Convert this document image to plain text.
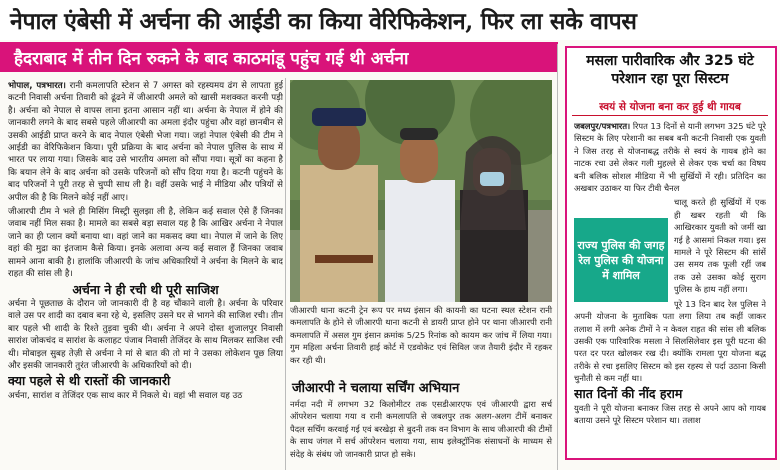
नेपाल एंबेसी में अर्चना की आईडी का किया वेरिफिकेशन, फिर ला सके वापस
हैदराबाद में तीन दिन रुकने के बाद काठमांडू पहुंच गई थी अर्चना

भोपाल, पत्रभारत। रानी कमलापति स्टेशन से 7 अगस्त को रहस्यमय ढंग से लापता हुई कटनी निवासी अर्चना तिवारी को ढूंढने में जीआरपी अमले को खासी मशक्कत करनी पड़ी है। अर्चना को नेपाल से वापस लाना इतना आसान नहीं था। अर्चना के नेपाल में होने की जानकारी लगने के बाद सबसे पहले जीआरपी का अमला इंदौर पहुंचा और वहां छानबीन से उसकी आईडी प्राप्त करने के बाद नेपाल एंबेसी भेजा गया। जहां नेपाल एंबेसी की टीम ने आईडी का वेरिफिकेशन किया। पूरी प्रक्रिया के बाद अर्चना को नेपाल पुलिस के साथ में भारत पर लाया गया। जिसके बाद उसे भारतीय अमला को सौंपा गया। सूत्रों का कहना है कि बयान लेने के बाद अर्चना को उसके परिजनों को सौंप दिया गया है। कटनी पहुंचने के बाद परिजनों ने पूरी तरह से चुप्पी साध ली है। वहीं उसके भाई ने मीडिया और पत्रियों से अपील की है कि मिलने कोई नहीं आए।

जीआरपी टीम ने भले ही मिसिंग मिस्ट्री सुलझा ली है, लेकिन कई सवाल ऐसे हैं जिनका जवाब नहीं मिल सका है। मामले का सबसे बड़ा सवाल यह है कि आखिर अर्चना ने नेपाल जाने का ही प्लान क्यों बनाया था। वहां जाने का मकसद क्या था। नेपाल में जाने के लिए वहां की मुद्रा का इंतजाम कैसे किया। इनके अलावा अन्य कई सवाल हैं जिनका जवाब सामने आना बाकी है। हालांकि जीआरपी के जांच अधिकारियों ने अर्चना के मिलने के बाद राहत की सांस ली है।

अर्चना ने ही रची थी पूरी साजिश

अर्चना ने पूछताछ के दौरान जो जानकारी दी है वह चौंकाने वाली है। अर्चना के परिवार वाले उस पर शादी का दबाव बना रहे थे, इसलिए उसने घर से भागने की साजिश रची। तीन बार पहले भी शादी के रिश्ते तुड़वा चुकी थी। अर्चना ने अपने दोस्त शुजालपुर निवासी सारांश जोकचंद व सारांश के कलाहट पंजाब निवासी तेजिंदर के साथ मिलकर साजिश रची थी। मोबाइल सुबह तेज़ी से अर्चना ने मां से बात की तो मां ने उसका लोकेशन पूछ लिया और इसकी जानकारी तुरंत जीआरपी के अधिकारियों को दी।

क्या पहले से थी रास्तों की जानकारी

अर्चना, सारांश व तेजिंदर एक साथ कार में निकले थे। वहां भी सवाल यह उठ

जीआरपी थाना कटनी ट्रेन रूप पर मध्य इंसान की कायनी का घटना स्थल स्टेशन रानी कमलापति के होने से जीआरपी थाना कटनी से डायरी प्राप्त होने पर थाना जीआरपी रानी कमलापति में असल गुम इंसान क्रमांक 5/25 रिनांक को कायम कर जांच में लिया गया। गुम महिला अर्चना तिवारी हाई कोर्ट में एडवोकेट एवं सिविल जज तैयारी इंदौर में रहकर कर रही थी।
जीआरपी ने चलाया सर्चिंग अभियान
नर्मदा नदी में लगभग 32 किलोमीटर तक एसडीआरएफ एवं जीआरपी द्वारा सर्च ऑपरेशन चलाया गया व रानी कमलापति से जबलपुर तक अलग-अलग टीमें बनाकर पैदल सर्चिंग करवाई गई एवं बरखेड़ा से बुदनी तक वन विभाग के साथ जीआरपी की टीमों के साथ जंगल में सर्च ऑपरेशन चलाया गया, साथ इलेक्ट्रॉनिक संसाधनों के माध्यम से संदेह के संबंध जो जानकारी प्राप्त हो सके।
मसला पारीवारिक और 325 घंटे परेशान रहा पूरा सिस्टम
स्वयं से योजना बना कर हुई थी गायब

जबलपुर/पत्रभारत। रिपत 13 दिनों से यानी लगभग 325 घंटे पूरे सिस्टम के लिए परेशानी का सबब बनी कटनी निवासी एक युवती ने जिस तरह से योजनाबद्ध तरीके से स्वयं के गायब होने का नाटक रचा उसे लेकर गली मुहल्ले से लेकर एक चर्चा का विषय बनी बलिक सोशल मीडिया में भी सुर्खियों में रही। प्रतिदिन का अखबार उठाकर या फिर टीवी चैनल

चालू करते ही सुर्खियों में एक ही खबर रहती थी कि आखिरकार युवती को जमीं खा गई है आसमां निकल गया। इस मामले ने पूरे सिस्टम की सांसें उस समय तक फूली रहीं जब तक उसे उसका कोई सुराग पुलिस के हाथ नहीं लगा।

पूरे 13 दिन बाद रेल पुलिस ने अपनी योजना के मुताबिक पता लगा लिया तब कहीं जाकर तलाश में लगी अनेक टीमों ने न केवल राहत की सांस ली बलिक उसकी एक पारिवारिक मसला ने सिलसिलेवार इस पूरी घटना की परत दर परत खोलकर रख दी। क्योंकि रामला पूरा योजना बद्ध तरीके से रचा इसलिए सिस्टम को इस रहस्य से पर्दा उठाना किसी चुनौती से कम नहीं था।

सात दिनों की नींद हराम

युवती ने पूरी योजना बनाकर जिस तरह से अपने आप को गायब बताया उसने पूरे सिस्टम परेशान था। तलाश

राज्य पुलिस की जगह रेल पुलिस की योजना में शामिल
